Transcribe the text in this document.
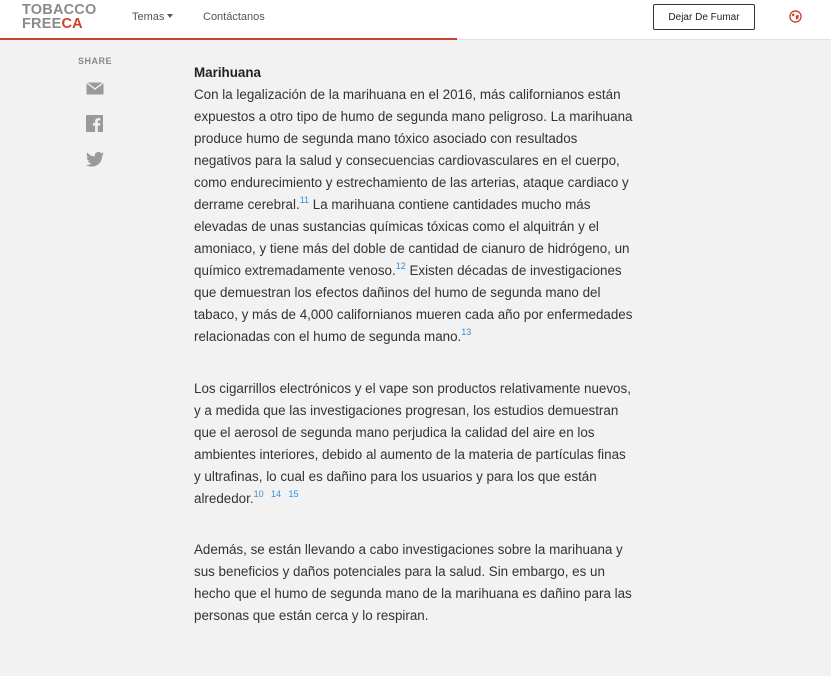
TOBACCO
FREECA	Temas	Contáctanos	Dejar De Fumar
SHARE
Marihuana

Con la legalización de la marihuana en el 2016, más californianos están expuestos a otro tipo de humo de segunda mano peligroso. La marihuana produce humo de segunda mano tóxico asociado con resultados negativos para la salud y consecuencias cardiovasculares en el cuerpo, como endurecimiento y estrechamiento de las arterias, ataque cardiaco y derrame cerebral.$^{11}$ La marihuana contiene cantidades mucho más elevadas de unas sustancias químicas tóxicas como el alquitrán y el amoniaco, y tiene más del doble de cantidad de cianuro de hidrógeno, un químico extremadamente venoso.$^{12}$ Existen décadas de investigaciones que demuestran los efectos dañinos del humo de segunda mano del tabaco, y más de 4,000 californianos mueren cada año por enfermedades relacionadas con el humo de segunda mano.$^{13}$

Los cigarrillos electrónicos y el vape son productos relativamente nuevos, y a medida que las investigaciones progresan, los estudios demuestran que el aerosol de segunda mano perjudica la calidad del aire en los ambientes interiores, debido al aumento de la materia de partículas finas y ultrafinas, lo cual es dañino para los usuarios y para los que están alrededor.$^{10}$ $^{14}$ $^{15}$

Además, se están llevando a cabo investigaciones sobre la marihuana y sus beneficios y daños potenciales para la salud. Sin embargo, es un hecho que el humo de segunda mano de la marihuana es dañino para las personas que están cerca y lo respiran.
